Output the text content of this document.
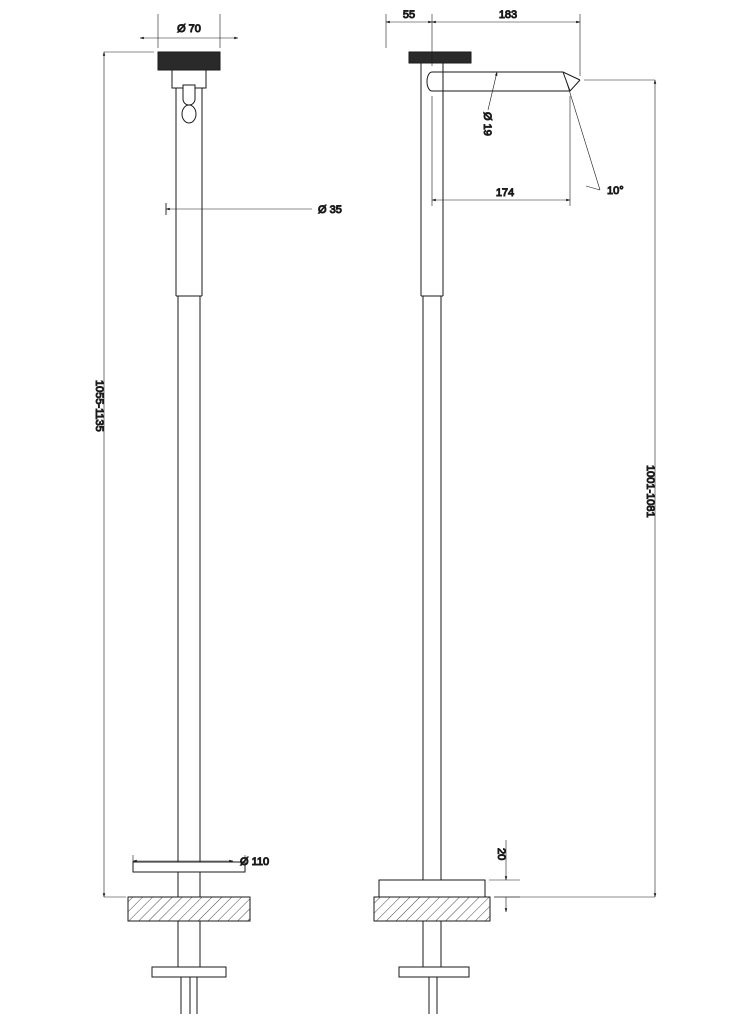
Ø 70
Ø 35
1055-1135
Ø 110
55	183
Ø 19
174	10°
1001-1081
20
